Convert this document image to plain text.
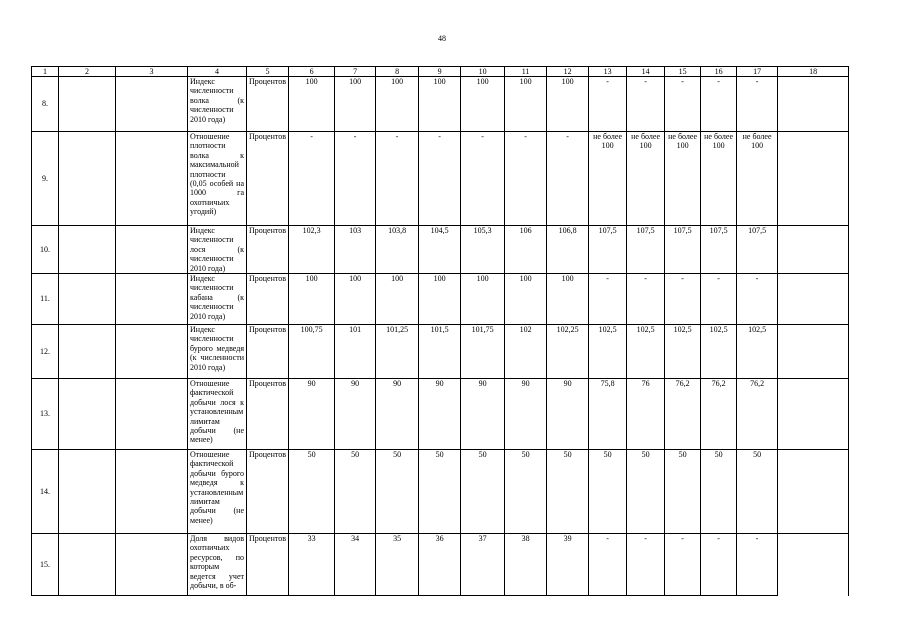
48
1	2	3	4	5	6	7	8	9	10	11	12	13	14	15	16	17	18
8.			Индекс численности волка (к численности 2010 года)	Процентов	100	100	100	100	100	100	100	-	-	-	-	-	
9.			Отношение плотности волка к максимальной плотности (0,05 особей на 1000 га охотничьих угодий)	Процентов	-	-	-	-	-	-	-	не более 100	не более 100	не более 100	не более 100	не более 100	
10.			Индекс численности лося (к численности 2010 года)	Процентов	102,3	103	103,8	104,5	105,3	106	106,8	107,5	107,5	107,5	107,5	107,5	
11.			Индекс численности кабана (к численности 2010 года)	Процентов	100	100	100	100	100	100	100	-	-	-	-	-	
12.			Индекс численности бурого медведя (к численности 2010 года)	Процентов	100,75	101	101,25	101,5	101,75	102	102,25	102,5	102,5	102,5	102,5	102,5	
13.			Отношение фактической добычи лося к установленным лимитам добычи (не менее)	Процентов	90	90	90	90	90	90	90	75,8	76	76,2	76,2	76,2	
14.			Отношение фактической добычи бурого медведя к установленным лимитам добычи (не менее)	Процентов	50	50	50	50	50	50	50	50	50	50	50	50	
15.			Доля видов охотничьих ресурсов, по которым ведется учет добычи, в об-	Процентов	33	34	35	36	37	38	39	-	-	-	-	-	
